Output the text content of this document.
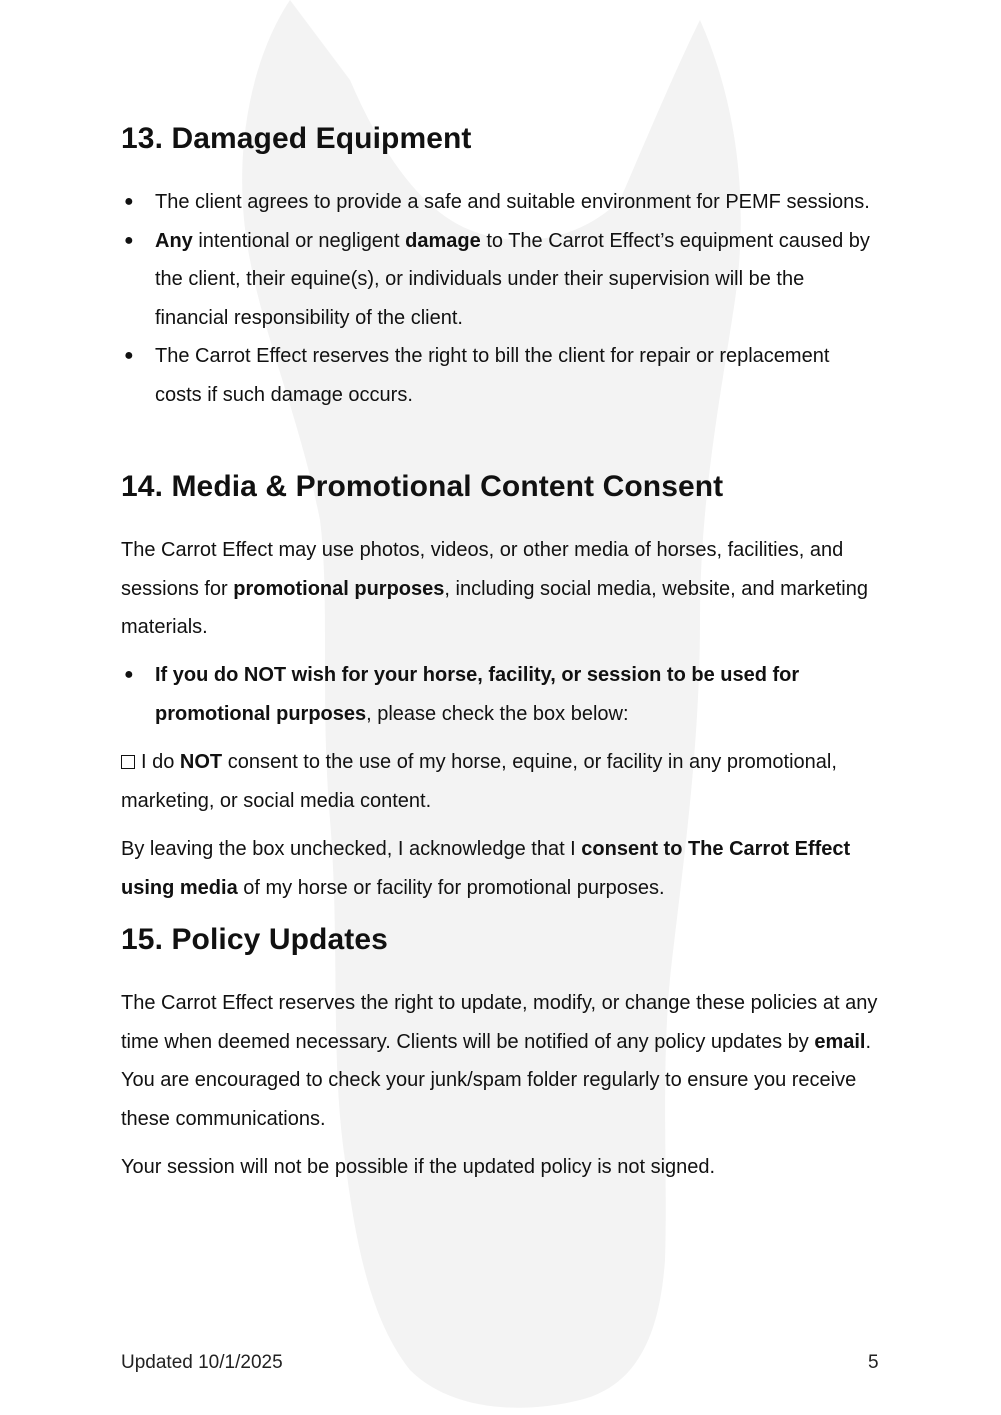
13. Damaged Equipment
● The client agrees to provide a safe and suitable environment for PEMF sessions.
● Any intentional or negligent damage to The Carrot Effect’s equipment caused by the client, their equine(s), or individuals under their supervision will be the financial responsibility of the client.
● The Carrot Effect reserves the right to bill the client for repair or replacement costs if such damage occurs.
14. Media & Promotional Content Consent

The Carrot Effect may use photos, videos, or other media of horses, facilities, and sessions for promotional purposes, including social media, website, and marketing materials.

● If you do NOT wish for your horse, facility, or session to be used for promotional purposes, please check the box below:

I do NOT consent to the use of my horse, equine, or facility in any promotional, marketing, or social media content.

By leaving the box unchecked, I acknowledge that I consent to The Carrot Effect using media of my horse or facility for promotional purposes.

15. Policy Updates

The Carrot Effect reserves the right to update, modify, or change these policies at any time when deemed necessary. Clients will be notified of any policy updates by email. You are encouraged to check your junk/spam folder regularly to ensure you receive these communications.

Your session will not be possible if the updated policy is not signed.

Updated 10/1/2025	5
